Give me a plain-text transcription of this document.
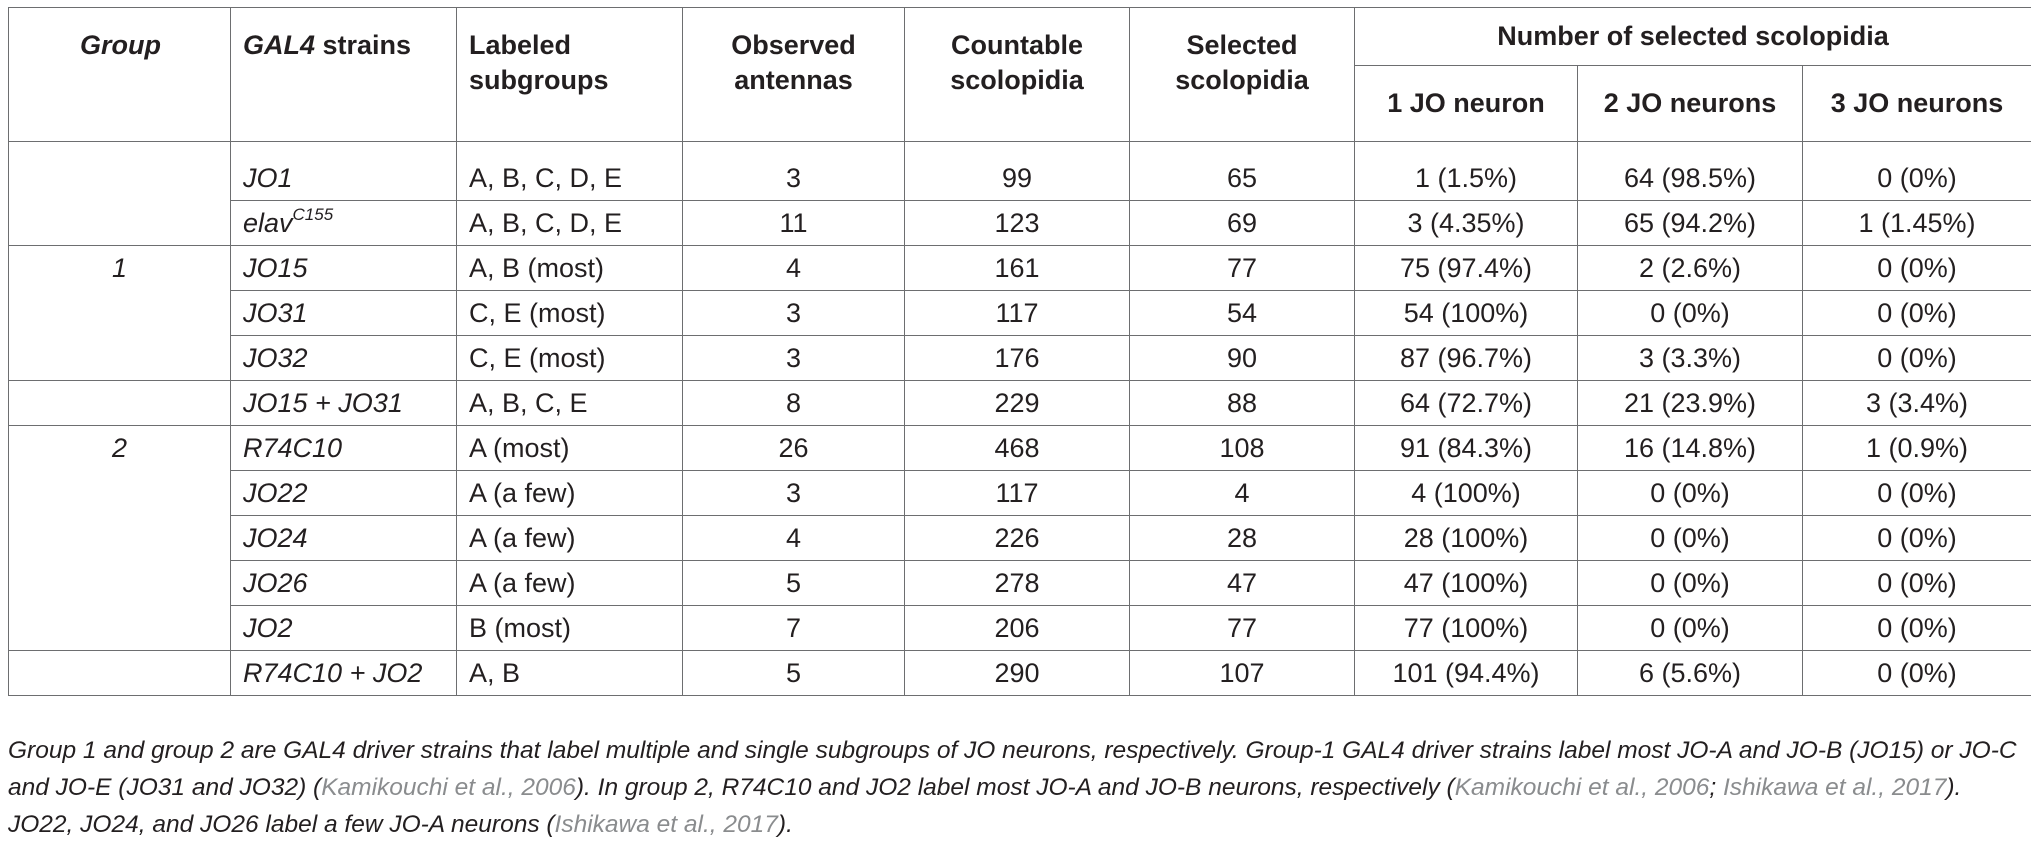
Group	GAL4 strains	Labeled subgroups	Observed antennas	Countable scolopidia	Selected scolopidia	Number of selected scolopidia		
						1 JO neuron	2 JO neurons	3 JO neurons
	JO1	A, B, C, D, E	3	99	65	1 (1.5%)	64 (98.5%)	0 (0%)
	elav$^{C155}$	A, B, C, D, E	11	123	69	3 (4.35%)	65 (94.2%)	1 (1.45%)
1	JO15	A, B (most)	4	161	77	75 (97.4%)	2 (2.6%)	0 (0%)
	JO31	C, E (most)	3	117	54	54 (100%)	0 (0%)	0 (0%)
	JO32	C, E (most)	3	176	90	87 (96.7%)	3 (3.3%)	0 (0%)
	JO15 + JO31	A, B, C, E	8	229	88	64 (72.7%)	21 (23.9%)	3 (3.4%)
2	R74C10	A (most)	26	468	108	91 (84.3%)	16 (14.8%)	1 (0.9%)
	JO22	A (a few)	3	117	4	4 (100%)	0 (0%)	0 (0%)
	JO24	A (a few)	4	226	28	28 (100%)	0 (0%)	0 (0%)
	JO26	A (a few)	5	278	47	47 (100%)	0 (0%)	0 (0%)
	JO2	B (most)	7	206	77	77 (100%)	0 (0%)	0 (0%)
	R74C10 + JO2	A, B	5	290	107	101 (94.4%)	6 (5.6%)	0 (0%)
Group 1 and group 2 are GAL4 driver strains that label multiple and single subgroups of JO neurons, respectively. Group-1 GAL4 driver strains label most JO-A and JO-B (JO15) or JO-C and JO-E (JO31 and JO32) (Kamikouchi et al., 2006). In group 2, R74C10 and JO2 label most JO-A and JO-B neurons, respectively (Kamikouchi et al., 2006; Ishikawa et al., 2017). JO22, JO24, and JO26 label a few JO-A neurons (Ishikawa et al., 2017).
